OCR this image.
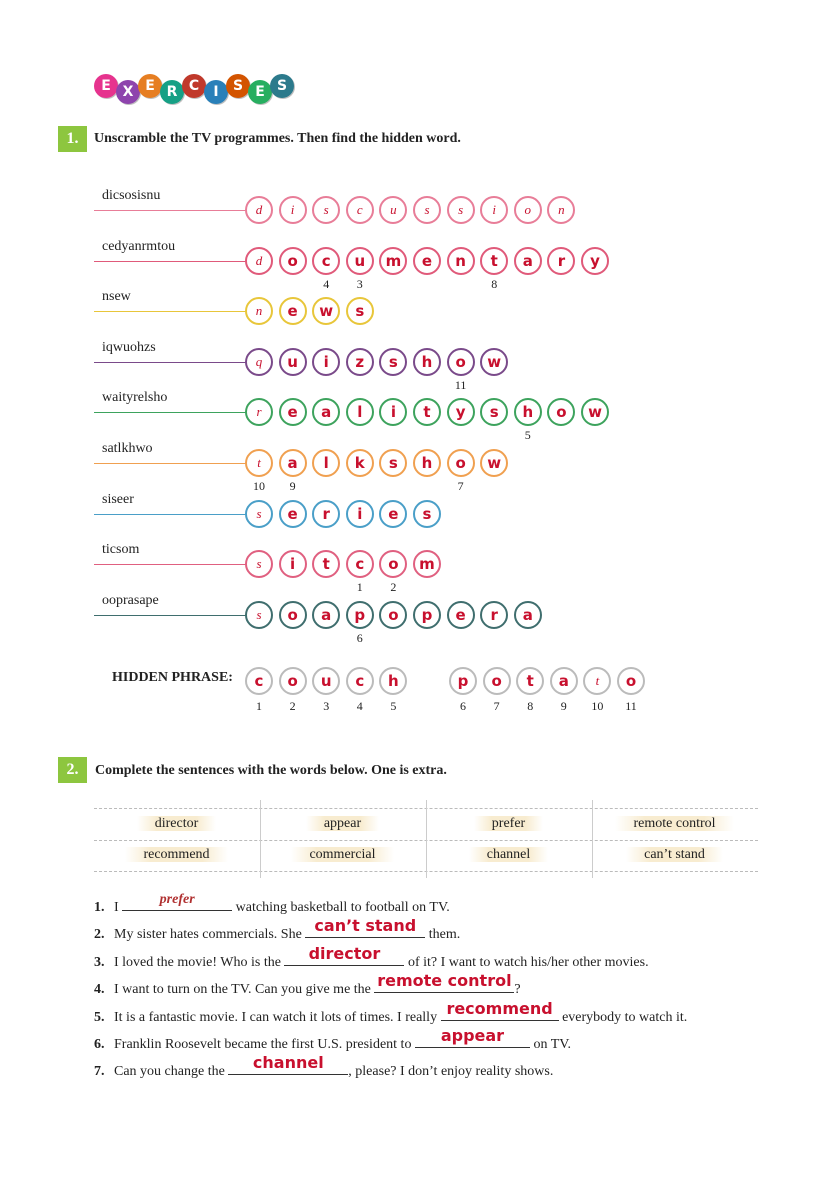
E X E R C	I	S E S
1.	Unscramble the TV programmes. Then find the hidden word.
dicsosisnu
d	i	s	c	u	s	s	i	o	n
cedyanrmtou
d	o	c	u	m	e	n	t	a	r	y
4	3	8
nsew
n	e	w	s
iqwuohzs
q	u	i	z	s	h	o	w
11
waityrelsho
r	e	a	l	i	t	y	s	h	o	w
5
satlkhwo
t	a	l	k	s	h	o	w
10	9	7
siseer
s	e	r	i	e	s
ticsom
s	i	t	c	o	m
1	2
ooprasape
s	o	a	p	o	p	e	r	a
6
HIDDEN PHRASE:	c
1
o
2
u
3
c
4
h
5
p
6
o
7
t
8
a
9
t
10
o
11
2.	Complete the sentences with the words below. One is extra.
director	appear	prefer	remote control
recommend	commercial	channel	can’t stand
1. I
prefer
watching basketball to football on TV.
2. My sister hates commercials. She can’t stand them.
3. I loved the movie! Who is the	director	of it? I want to watch his/her other movies.
4. I want to turn on the TV. Can you give me the remote control ?
5. It is a fantastic movie. I can watch it lots of times. I really recommend everybody to watch it.
6. Franklin Roosevelt became the first U.S. president to	appear	on TV.
7. Can you change the	channel	, please? I don’t enjoy reality shows.
